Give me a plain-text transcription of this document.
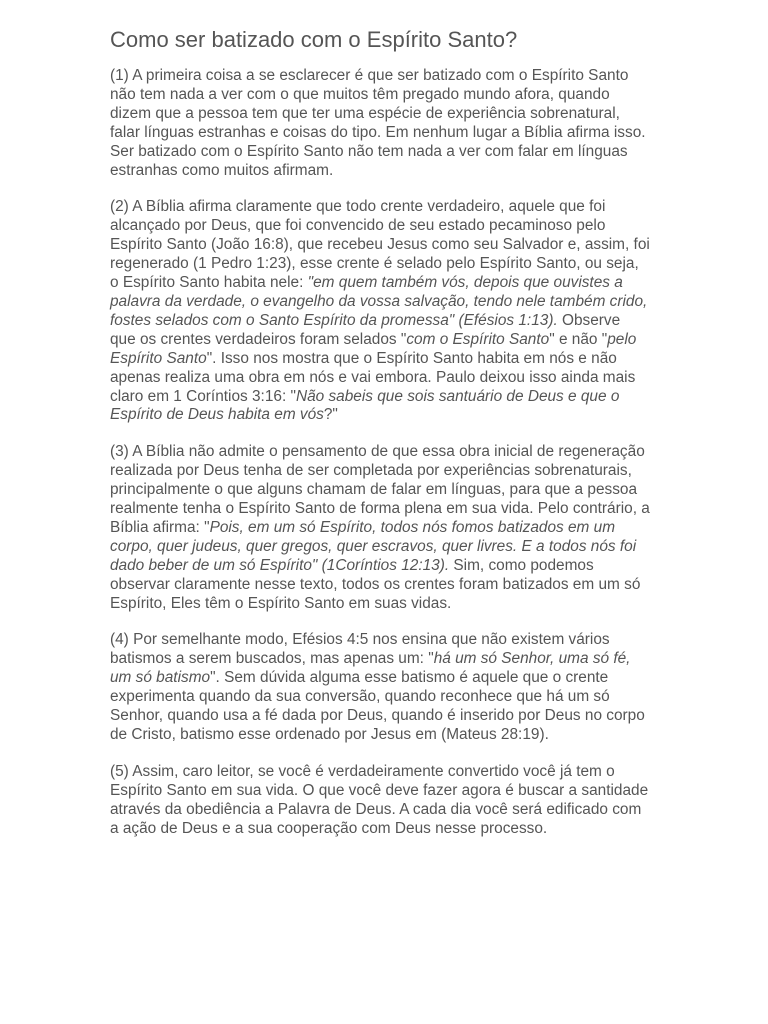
Como ser batizado com o Espírito Santo?

(1) A primeira coisa a se esclarecer é que ser batizado com o Espírito Santo não tem nada a ver com o que muitos têm pregado mundo afora, quando dizem que a pessoa tem que ter uma espécie de experiência sobrenatural, falar línguas estranhas e coisas do tipo. Em nenhum lugar a Bíblia afirma isso. Ser batizado com o Espírito Santo não tem nada a ver com falar em línguas estranhas como muitos afirmam.

(2) A Bíblia afirma claramente que todo crente verdadeiro, aquele que foi alcançado por Deus, que foi convencido de seu estado pecaminoso pelo Espírito Santo (João 16:8), que recebeu Jesus como seu Salvador e, assim, foi regenerado (1 Pedro 1:23), esse crente é selado pelo Espírito Santo, ou seja, o Espírito Santo habita nele: "em quem também vós, depois que ouvistes a palavra da verdade, o evangelho da vossa salvação, tendo nele também crido, fostes selados com o Santo Espírito da promessa" (Efésios 1:13). Observe que os crentes verdadeiros foram selados "com o Espírito Santo" e não "pelo Espírito Santo". Isso nos mostra que o Espírito Santo habita em nós e não apenas realiza uma obra em nós e vai embora. Paulo deixou isso ainda mais claro em 1 Coríntios 3:16: "Não sabeis que sois santuário de Deus e que o Espírito de Deus habita em vós?"

(3) A Bíblia não admite o pensamento de que essa obra inicial de regeneração realizada por Deus tenha de ser completada por experiências sobrenaturais, principalmente o que alguns chamam de falar em línguas, para que a pessoa realmente tenha o Espírito Santo de forma plena em sua vida. Pelo contrário, a Bíblia afirma: "Pois, em um só Espírito, todos nós fomos batizados em um corpo, quer judeus, quer gregos, quer escravos, quer livres. E a todos nós foi dado beber de um só Espírito" (1Coríntios 12:13). Sim, como podemos observar claramente nesse texto, todos os crentes foram batizados em um só Espírito, Eles têm o Espírito Santo em suas vidas.

(4) Por semelhante modo, Efésios 4:5 nos ensina que não existem vários batismos a serem buscados, mas apenas um: "há um só Senhor, uma só fé, um só batismo". Sem dúvida alguma esse batismo é aquele que o crente experimenta quando da sua conversão, quando reconhece que há um só Senhor, quando usa a fé dada por Deus, quando é inserido por Deus no corpo de Cristo, batismo esse ordenado por Jesus em (Mateus 28:19).

(5) Assim, caro leitor, se você é verdadeiramente convertido você já tem o Espírito Santo em sua vida. O que você deve fazer agora é buscar a santidade através da obediência a Palavra de Deus. A cada dia você será edificado com a ação de Deus e a sua cooperação com Deus nesse processo.
